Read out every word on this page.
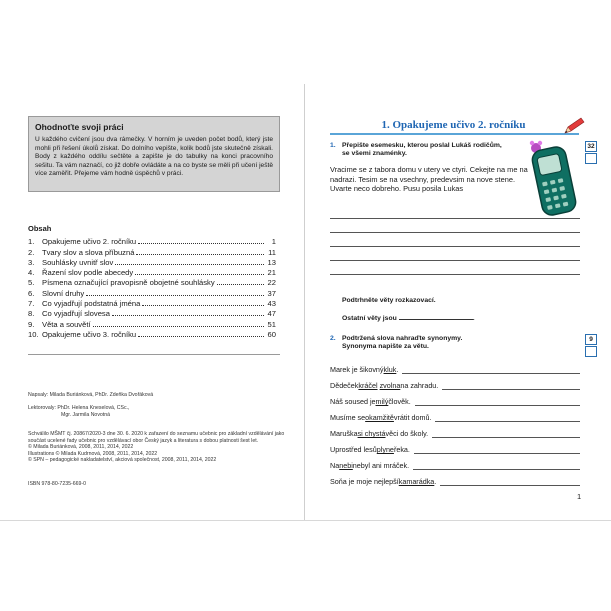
Ohodnoťte svoji práci
U každého cvičení jsou dva rámečky. V horním je uveden počet bodů, který jste mohli při řešení úkolů získat. Do dolního vepište, kolik bodů jste skutečně získali. Body z každého oddílu sečtěte a zapište je do tabulky na konci pracovního sešitu. Ta vám naznačí, co již dobře ovládáte a na co byste se měli při učení ještě více zaměřit. Přejeme vám hodně úspěchů v práci.
Obsah
1.	Opakujeme učivo 2. ročníku	1
2.	Tvary slov a slova příbuzná	11
3.	Souhlásky uvnitř slov	13
4.	Řazení slov podle abecedy	21
5.	Písmena označující pravopisně obojetné souhlásky	22
6.	Slovní druhy	37
7.	Co vyjadřují podstatná jména	43
8.	Co vyjadřují slovesa	47
9.	Věta a souvětí	51
10. Opakujeme učivo 3. ročníku	60
Napsaly: Milada Buriánková, PhDr. Zdeňka Dvořáková
Lektorovaly: PhDr. Helena Kneselová, CSc.,
Mgr. Jarmila Novotná
Schválilo MŠMT čj. 20867/2020-3 dne 30. 6. 2020 k zařazení do seznamu učebnic pro základní vzdělávání jako součást ucelené řady učebnic pro vzdělávací obor Český jazyk a literatura s dobou platnosti šest let.
© Milada Buriánková, 2008, 2011, 2014, 2022
Illustrations © Milada Kudrnová, 2008, 2011, 2014, 2022
© SPN – pedagogické nakladatelství, akciová společnost, 2008, 2011, 2014, 2022
ISBN 978-80-7235-669-0
1. Opakujeme učivo 2. ročníku
1. Přepište esemesku, kterou poslal Lukáš rodičům,
se všemi znaménky.
Vracime se z tabora domu v utery ve ctyri. Cekejte na me na nadrazi. Tesim se na vsechny, predevsim na nove stene. Uvarte neco dobreho. Pusu posila Lukas
32
Podtrhněte věty rozkazovací.
Ostatní věty jsou	.
2. Podtržená slova nahraďte synonymy.
Synonyma napište za větu.
9
Marek je šikovný kluk .
Dědeček kráčel
zvolna na zahradu.
Náš soused je milý člověk.
Musíme se okamžitě vrátit domů.
Maruška si chystá věci do školy.
Uprostřed lesů plyne řeka.
Na nebi nebyl ani mráček.
Soňa je moje nejlepší kamarádka .
1
